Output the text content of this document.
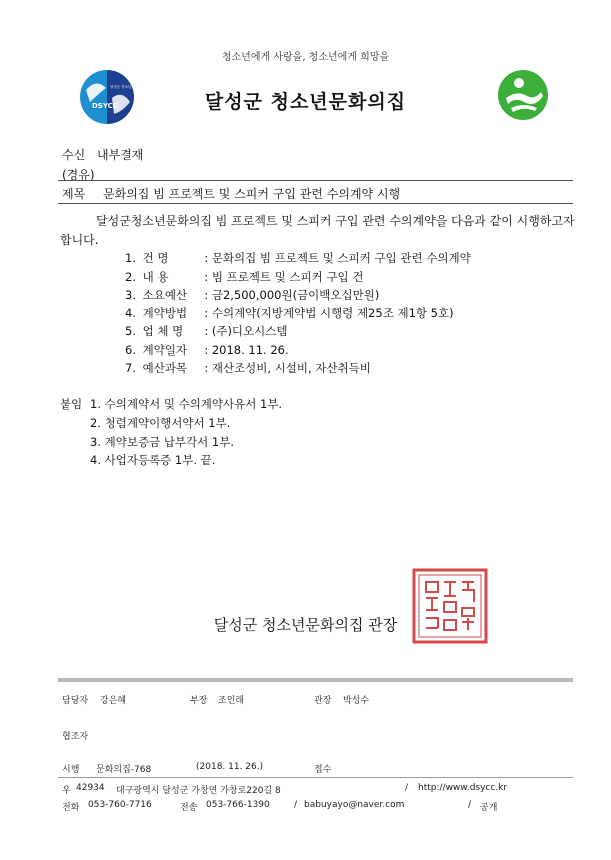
청소년에게 사랑을, 청소년에게 희망을
DSYCC
달성군 청소년문화의집
달성군 청소년문화의집
수신 내부결재
(경유)
제목 문화의집 빔 프로젝트 및 스피커 구입 관련 수의계약 시행
달성군청소년문화의집 빔 프로젝트 및 스피커 구입 관련 수의계약을 다음과 같이 시행하고자
합니다.
1. 건 명	: 문화의집 빔 프로젝트 및 스피커 구입 관련 수의계약
2. 내 용	: 빔 프로젝트 및 스피커 구입 건
3. 소요예산 : 금2,500,000원(금이백오십만원)
4. 계약방법 : 수의계약(지방계약법 시행령 제25조 제1항 5호)
5. 업 체 명 : (주)디오시스템
6. 계약일자 : 2018. 11. 26.
7. 예산과목 : 재산조성비, 시설비, 자산취득비
붙임 1. 수의계약서 및 수의계약사유서 1부.
2. 청렴계약이행서약서 1부.
3. 계약보증금 납부각서 1부.
4. 사업자등록증 1부. 끝.
달성군 청소년문화의집 관장
담당자 강은혜	부장 조인래	관장 박성수
협조자
시행 문화의집-768	(2018. 11. 26.)	접수
우 42934 대구광역시 달성군 가창면 가창로220길 8	/ http://www.dsycc.kr
전화 053-760-7716	전송 053-766-1390	/ babuyayo@naver.com	/ 공개
